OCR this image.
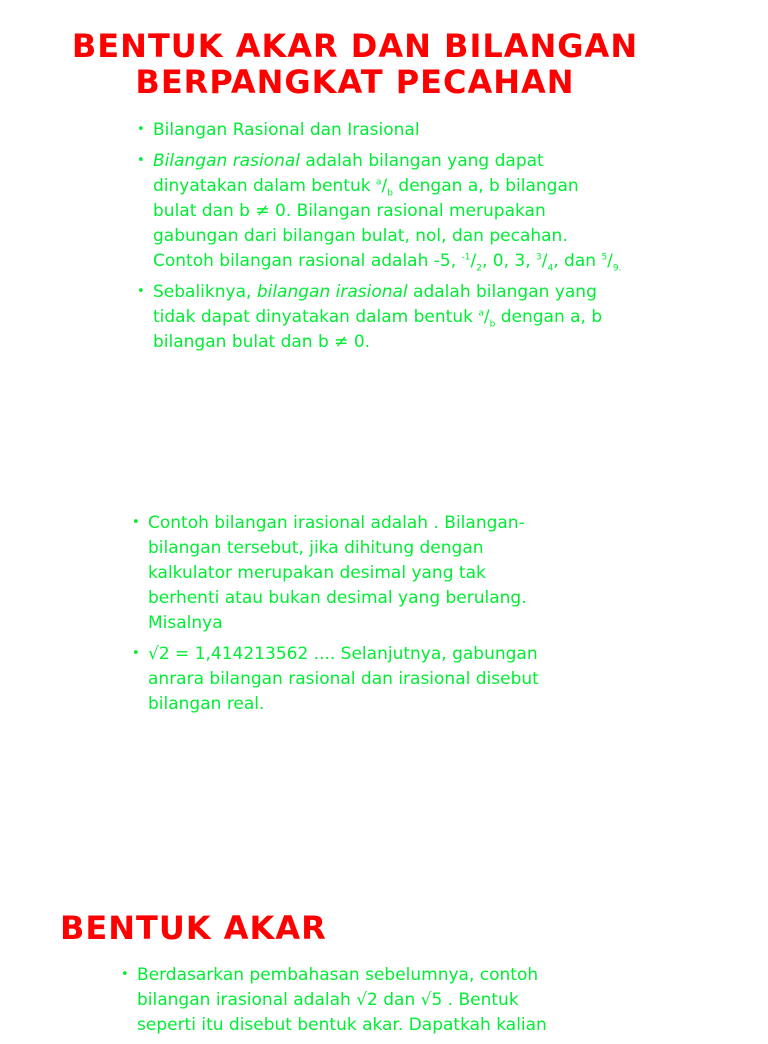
BENTUK AKAR DAN BILANGAN
BERPANGKAT PECAHAN
• Bilangan Rasional dan Irasional
• Bilangan rasional adalah bilangan yang dapat dinyatakan dalam bentuk $^a/_b$ dengan a, b bilangan bulat dan b ≠ 0. Bilangan rasional merupakan gabungan dari bilangan bulat, nol, dan pecahan. Contoh bilangan rasional adalah -5, $^{-1}/_2$, 0, 3, $^3/_4$, dan $^5/_{9.}$
• Sebaliknya, bilangan irasional adalah bilangan yang tidak dapat dinyatakan dalam bentuk $^a/_b$ dengan a, b bilangan bulat dan b ≠ 0.
• Contoh bilangan irasional adalah . Bilangan-bilangan tersebut, jika dihitung dengan kalkulator merupakan desimal yang tak berhenti atau bukan desimal yang berulang. Misalnya
• √2 = 1,414213562 .... Selanjutnya, gabungan anrara bilangan rasional dan irasional disebut bilangan real.
BENTUK AKAR
• Berdasarkan pembahasan sebelumnya, contoh bilangan irasional adalah √2 dan √5 . Bentuk seperti itu disebut bentuk akar. Dapatkah kalian
